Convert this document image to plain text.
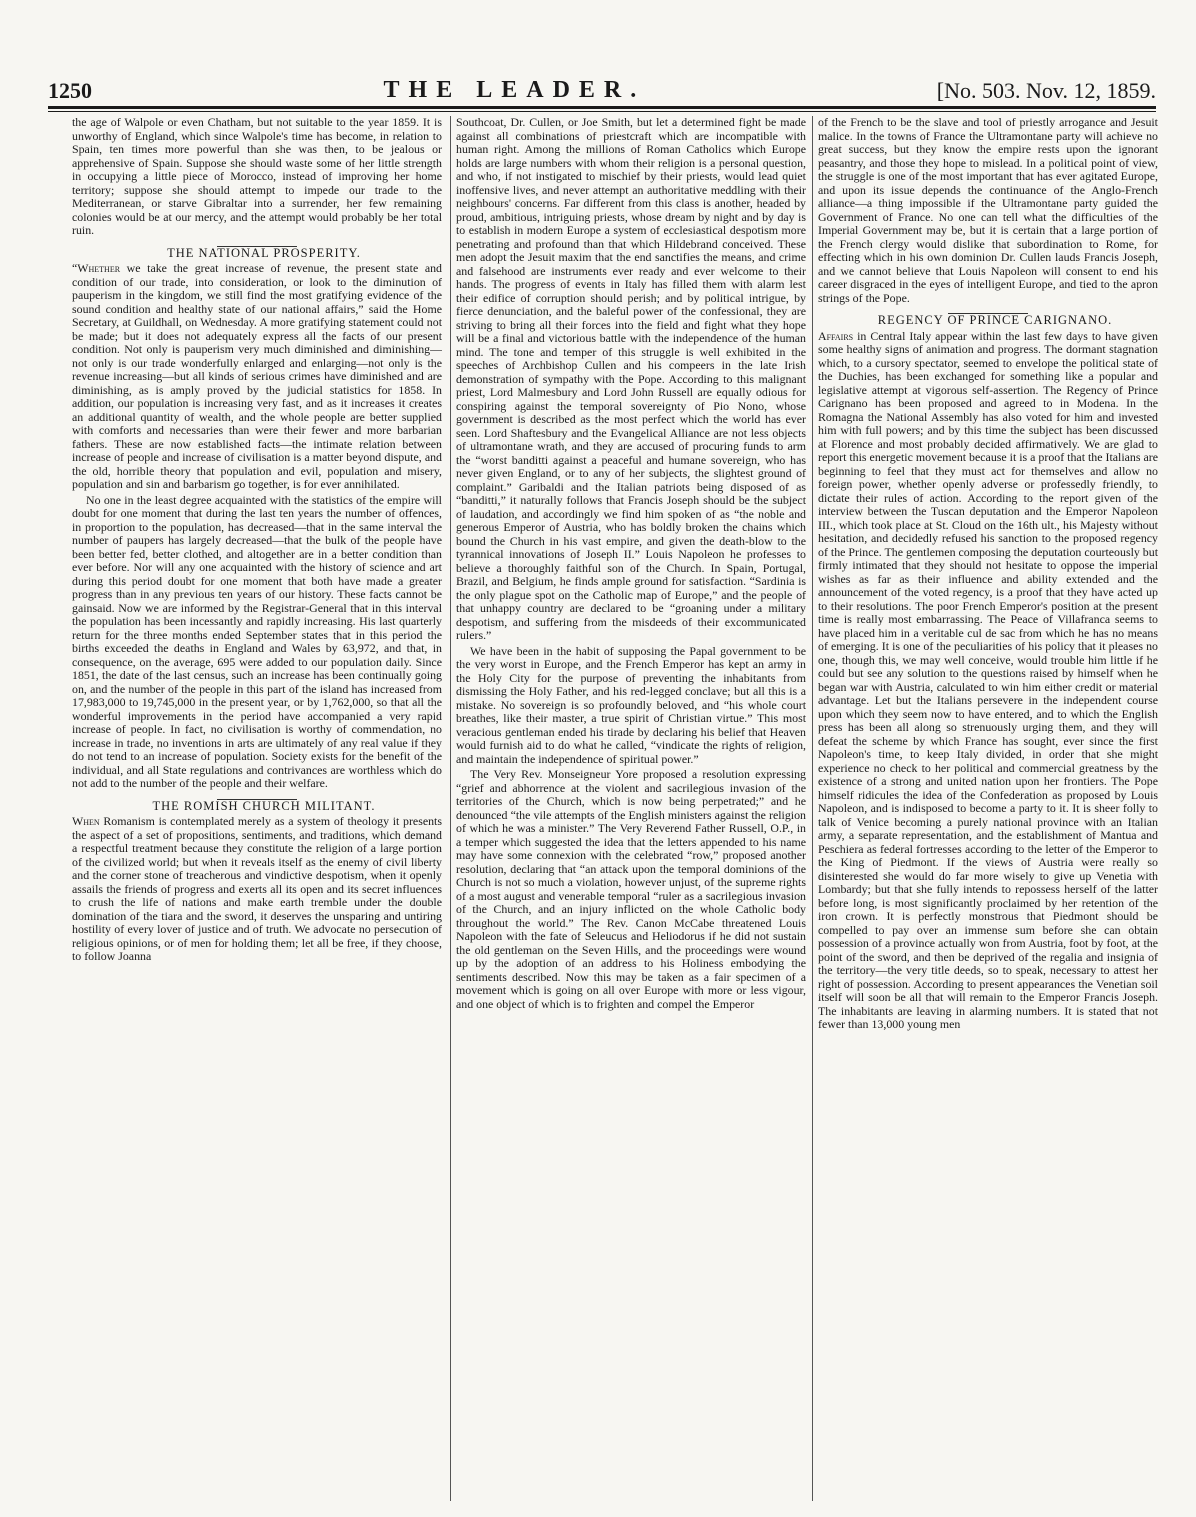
1250	THE LEADER.	[No. 503. Nov. 12, 1859.

the age of Walpole or even Chatham, but not suitable to the year 1859. It is unworthy of England, which since Walpole's time has become, in relation to Spain, ten times more powerful than she was then, to be jealous or apprehensive of Spain. Suppose she should waste some of her little strength in occupying a little piece of Morocco, instead of improving her home territory; suppose she should attempt to impede our trade to the Mediterranean, or starve Gibraltar into a surrender, her few remaining colonies would be at our mercy, and the attempt would probably be her total ruin.

THE NATIONAL PROSPERITY.

“Whether we take the great increase of revenue, the present state and condition of our trade, into consideration, or look to the diminution of pauperism in the kingdom, we still find the most gratifying evidence of the sound condition and healthy state of our national affairs,” said the Home Secretary, at Guildhall, on Wednesday. A more gratifying statement could not be made; but it does not adequately express all the facts of our present condition. Not only is pauperism very much diminished and diminishing—not only is our trade wonderfully enlarged and enlarging—not only is the revenue increasing—but all kinds of serious crimes have diminished and are diminishing, as is amply proved by the judicial statistics for 1858. In addition, our population is increasing very fast, and as it increases it creates an additional quantity of wealth, and the whole people are better supplied with comforts and necessaries than were their fewer and more barbarian fathers. These are now established facts—the intimate relation between increase of people and increase of civilisation is a matter beyond dispute, and the old, horrible theory that population and evil, population and misery, population and sin and barbarism go together, is for ever annihilated.

No one in the least degree acquainted with the statistics of the empire will doubt for one moment that during the last ten years the number of offences, in proportion to the population, has decreased—that in the same interval the number of paupers has largely decreased—that the bulk of the people have been better fed, better clothed, and altogether are in a better condition than ever before. Nor will any one acquainted with the history of science and art during this period doubt for one moment that both have made a greater progress than in any previous ten years of our history. These facts cannot be gainsaid. Now we are informed by the Registrar-General that in this interval the population has been incessantly and rapidly increasing. His last quarterly return for the three months ended September states that in this period the births exceeded the deaths in England and Wales by 63,972, and that, in consequence, on the average, 695 were added to our population daily. Since 1851, the date of the last census, such an increase has been continually going on, and the number of the people in this part of the island has increased from 17,983,000 to 19,745,000 in the present year, or by 1,762,000, so that all the wonderful improvements in the period have accompanied a very rapid increase of people. In fact, no civilisation is worthy of commendation, no increase in trade, no inventions in arts are ultimately of any real value if they do not tend to an increase of population. Society exists for the benefit of the individual, and all State regulations and contrivances are worthless which do not add to the number of the people and their welfare.

THE ROMISH CHURCH MILITANT.

When Romanism is contemplated merely as a system of theology it presents the aspect of a set of propositions, sentiments, and traditions, which demand a respectful treatment because they constitute the religion of a large portion of the civilized world; but when it reveals itself as the enemy of civil liberty and the corner stone of treacherous and vindictive despotism, when it openly assails the friends of progress and exerts all its open and its secret influences to crush the life of nations and make earth tremble under the double domination of the tiara and the sword, it deserves the unsparing and untiring hostility of every lover of justice and of truth. We advocate no persecution of religious opinions, or of men for holding them; let all be free, if they choose, to follow Joanna

Southcoat, Dr. Cullen, or Joe Smith, but let a determined fight be made against all combinations of priestcraft which are incompatible with human right. Among the millions of Roman Catholics which Europe holds are large numbers with whom their religion is a personal question, and who, if not instigated to mischief by their priests, would lead quiet inoffensive lives, and never attempt an authoritative meddling with their neighbours' concerns. Far different from this class is another, headed by proud, ambitious, intriguing priests, whose dream by night and by day is to establish in modern Europe a system of ecclesiastical despotism more penetrating and profound than that which Hildebrand conceived. These men adopt the Jesuit maxim that the end sanctifies the means, and crime and falsehood are instruments ever ready and ever welcome to their hands. The progress of events in Italy has filled them with alarm lest their edifice of corruption should perish; and by political intrigue, by fierce denunciation, and the baleful power of the confessional, they are striving to bring all their forces into the field and fight what they hope will be a final and victorious battle with the independence of the human mind. The tone and temper of this struggle is well exhibited in the speeches of Archbishop Cullen and his compeers in the late Irish demonstration of sympathy with the Pope. According to this malignant priest, Lord Malmesbury and Lord John Russell are equally odious for conspiring against the temporal sovereignty of Pio Nono, whose government is described as the most perfect which the world has ever seen. Lord Shaftesbury and the Evangelical Alliance are not less objects of ultramontane wrath, and they are accused of procuring funds to arm the “worst banditti against a peaceful and humane sovereign, who has never given England, or to any of her subjects, the slightest ground of complaint.” Garibaldi and the Italian patriots being disposed of as “banditti,” it naturally follows that Francis Joseph should be the subject of laudation, and accordingly we find him spoken of as “the noble and generous Emperor of Austria, who has boldly broken the chains which bound the Church in his vast empire, and given the death-blow to the tyrannical innovations of Joseph II.” Louis Napoleon he professes to believe a thoroughly faithful son of the Church. In Spain, Portugal, Brazil, and Belgium, he finds ample ground for satisfaction. “Sardinia is the only plague spot on the Catholic map of Europe,” and the people of that unhappy country are declared to be “groaning under a military despotism, and suffering from the misdeeds of their excommunicated rulers.”

We have been in the habit of supposing the Papal government to be the very worst in Europe, and the French Emperor has kept an army in the Holy City for the purpose of preventing the inhabitants from dismissing the Holy Father, and his red-legged conclave; but all this is a mistake. No sovereign is so profoundly beloved, and “his whole court breathes, like their master, a true spirit of Christian virtue.” This most veracious gentleman ended his tirade by declaring his belief that Heaven would furnish aid to do what he called, “vindicate the rights of religion, and maintain the independence of spiritual power.”

The Very Rev. Monseigneur Yore proposed a resolution expressing “grief and abhorrence at the violent and sacrilegious invasion of the territories of the Church, which is now being perpetrated;” and he denounced “the vile attempts of the English ministers against the religion of which he was a minister.” The Very Reverend Father Russell, O.P., in a temper which suggested the idea that the letters appended to his name may have some connexion with the celebrated “row,” proposed another resolution, declaring that “an attack upon the temporal dominions of the Church is not so much a violation, however unjust, of the supreme rights of a most august and venerable temporal “ruler as a sacrilegious invasion of the Church, and an injury inflicted on the whole Catholic body throughout the world.” The Rev. Canon McCabe threatened Louis Napoleon with the fate of Seleucus and Heliodorus if he did not sustain the old gentleman on the Seven Hills, and the proceedings were wound up by the adoption of an address to his Holiness embodying the sentiments described. Now this may be taken as a fair specimen of a movement which is going on all over Europe with more or less vigour, and one object of which is to frighten and compel the Emperor

of the French to be the slave and tool of priestly arrogance and Jesuit malice. In the towns of France the Ultramontane party will achieve no great success, but they know the empire rests upon the ignorant peasantry, and those they hope to mislead. In a political point of view, the struggle is one of the most important that has ever agitated Europe, and upon its issue depends the continuance of the Anglo-French alliance—a thing impossible if the Ultramontane party guided the Government of France. No one can tell what the difficulties of the Imperial Government may be, but it is certain that a large portion of the French clergy would dislike that subordination to Rome, for effecting which in his own dominion Dr. Cullen lauds Francis Joseph, and we cannot believe that Louis Napoleon will consent to end his career disgraced in the eyes of intelligent Europe, and tied to the apron strings of the Pope.

REGENCY OF PRINCE CARIGNANO.

Affairs in Central Italy appear within the last few days to have given some healthy signs of animation and progress. The dormant stagnation which, to a cursory spectator, seemed to envelope the political state of the Duchies, has been exchanged for something like a popular and legislative attempt at vigorous self-assertion. The Regency of Prince Carignano has been proposed and agreed to in Modena. In the Romagna the National Assembly has also voted for him and invested him with full powers; and by this time the subject has been discussed at Florence and most probably decided affirmatively. We are glad to report this energetic movement because it is a proof that the Italians are beginning to feel that they must act for themselves and allow no foreign power, whether openly adverse or professedly friendly, to dictate their rules of action. According to the report given of the interview between the Tuscan deputation and the Emperor Napoleon III., which took place at St. Cloud on the 16th ult., his Majesty without hesitation, and decidedly refused his sanction to the proposed regency of the Prince. The gentlemen composing the deputation courteously but firmly intimated that they should not hesitate to oppose the imperial wishes as far as their influence and ability extended and the announcement of the voted regency, is a proof that they have acted up to their resolutions. The poor French Emperor's position at the present time is really most embarrassing. The Peace of Villafranca seems to have placed him in a veritable cul de sac from which he has no means of emerging. It is one of the peculiarities of his policy that it pleases no one, though this, we may well conceive, would trouble him little if he could but see any solution to the questions raised by himself when he began war with Austria, calculated to win him either credit or material advantage. Let but the Italians persevere in the independent course upon which they seem now to have entered, and to which the English press has been all along so strenuously urging them, and they will defeat the scheme by which France has sought, ever since the first Napoleon's time, to keep Italy divided, in order that she might experience no check to her political and commercial greatness by the existence of a strong and united nation upon her frontiers. The Pope himself ridicules the idea of the Confederation as proposed by Louis Napoleon, and is indisposed to become a party to it. It is sheer folly to talk of Venice becoming a purely national province with an Italian army, a separate representation, and the establishment of Mantua and Peschiera as federal fortresses according to the letter of the Emperor to the King of Piedmont. If the views of Austria were really so disinterested she would do far more wisely to give up Venetia with Lombardy; but that she fully intends to repossess herself of the latter before long, is most significantly proclaimed by her retention of the iron crown. It is perfectly monstrous that Piedmont should be compelled to pay over an immense sum before she can obtain possession of a province actually won from Austria, foot by foot, at the point of the sword, and then be deprived of the regalia and insignia of the territory—the very title deeds, so to speak, necessary to attest her right of possession. According to present appearances the Venetian soil itself will soon be all that will remain to the Emperor Francis Joseph. The inhabitants are leaving in alarming numbers. It is stated that not fewer than 13,000 young men
